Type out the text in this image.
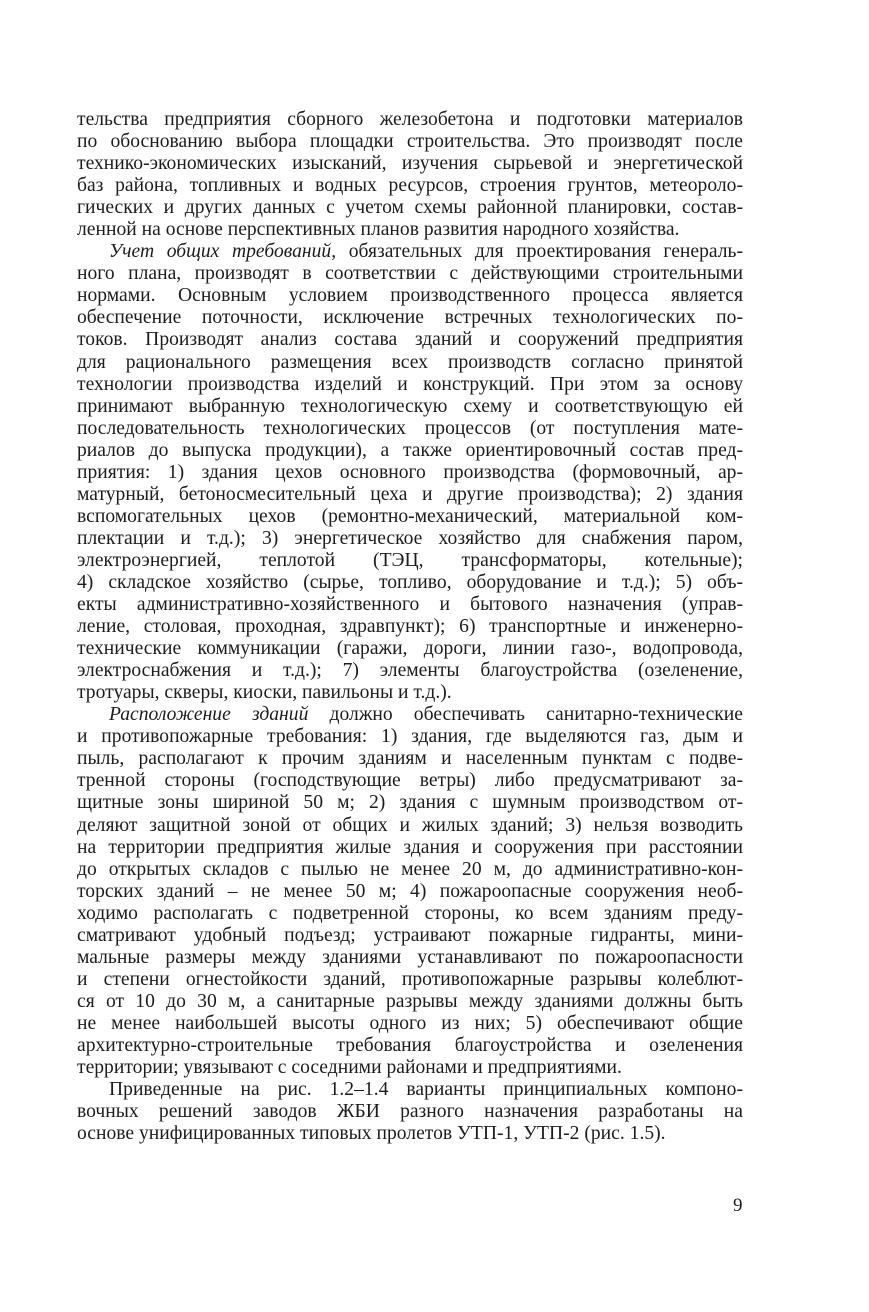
тельства предприятия сборного железобетона и подготовки материалов
по обоснованию выбора площадки строительства. Это производят после
технико-экономических изысканий, изучения сырьевой и энергетической
баз района, топливных и водных ресурсов, строения грунтов, метеороло-
гических и других данных с учетом схемы районной планировки, состав-
ленной на основе перспективных планов развития народного хозяйства.
Учет общих требований, обязательных для проектирования генераль-
ного плана, производят в соответствии с действующими строительными
нормами. Основным условием производственного процесса является
обеспечение поточности, исключение встречных технологических по-
токов. Производят анализ состава зданий и сооружений предприятия
для рационального размещения всех производств согласно принятой
технологии производства изделий и конструкций. При этом за основу
принимают выбранную технологическую схему и соответствующую ей
последовательность технологических процессов (от поступления мате-
риалов до выпуска продукции), а также ориентировочный состав пред-
приятия: 1) здания цехов основного производства (формовочный, ар-
матурный, бетоносмесительный цеха и другие производства); 2) здания
вспомогательных цехов (ремонтно-механический, материальной ком-
плектации и т.д.); 3) энергетическое хозяйство для снабжения паром,
электроэнергией, теплотой (ТЭЦ, трансформаторы, котельные);
4) складское хозяйство (сырье, топливо, оборудование и т.д.); 5) объ-
екты административно-хозяйственного и бытового назначения (управ-
ление, столовая, проходная, здравпункт); 6) транспортные и инженерно-
технические коммуникации (гаражи, дороги, линии газо-, водопровода,
электроснабжения и т.д.); 7) элементы благоустройства (озеленение,
тротуары, скверы, киоски, павильоны и т.д.).
Расположение зданий должно обеспечивать санитарно-технические
и противопожарные требования: 1) здания, где выделяются газ, дым и
пыль, располагают к прочим зданиям и населенным пунктам с подве-
тренной стороны (господствующие ветры) либо предусматривают за-
щитные зоны шириной 50 м; 2) здания с шумным производством от-
деляют защитной зоной от общих и жилых зданий; 3) нельзя возводить
на территории предприятия жилые здания и сооружения при расстоянии
до открытых складов с пылью не менее 20 м, до административно-кон-
торских зданий – не менее 50 м; 4) пожароопасные сооружения необ-
ходимо располагать с подветренной стороны, ко всем зданиям преду-
сматривают удобный подъезд; устраивают пожарные гидранты, мини-
мальные размеры между зданиями устанавливают по пожароопасности
и степени огнестойкости зданий, противопожарные разрывы колеблют-
ся от 10 до 30 м, а санитарные разрывы между зданиями должны быть
не менее наибольшей высоты одного из них; 5) обеспечивают общие
архитектурно-строительные требования благоустройства и озеленения
территории; увязывают с соседними районами и предприятиями.
Приведенные на рис. 1.2–1.4 варианты принципиальных компоно-
вочных решений заводов ЖБИ разного назначения разработаны на
основе унифицированных типовых пролетов УТП-1, УТП-2 (рис. 1.5).
9
